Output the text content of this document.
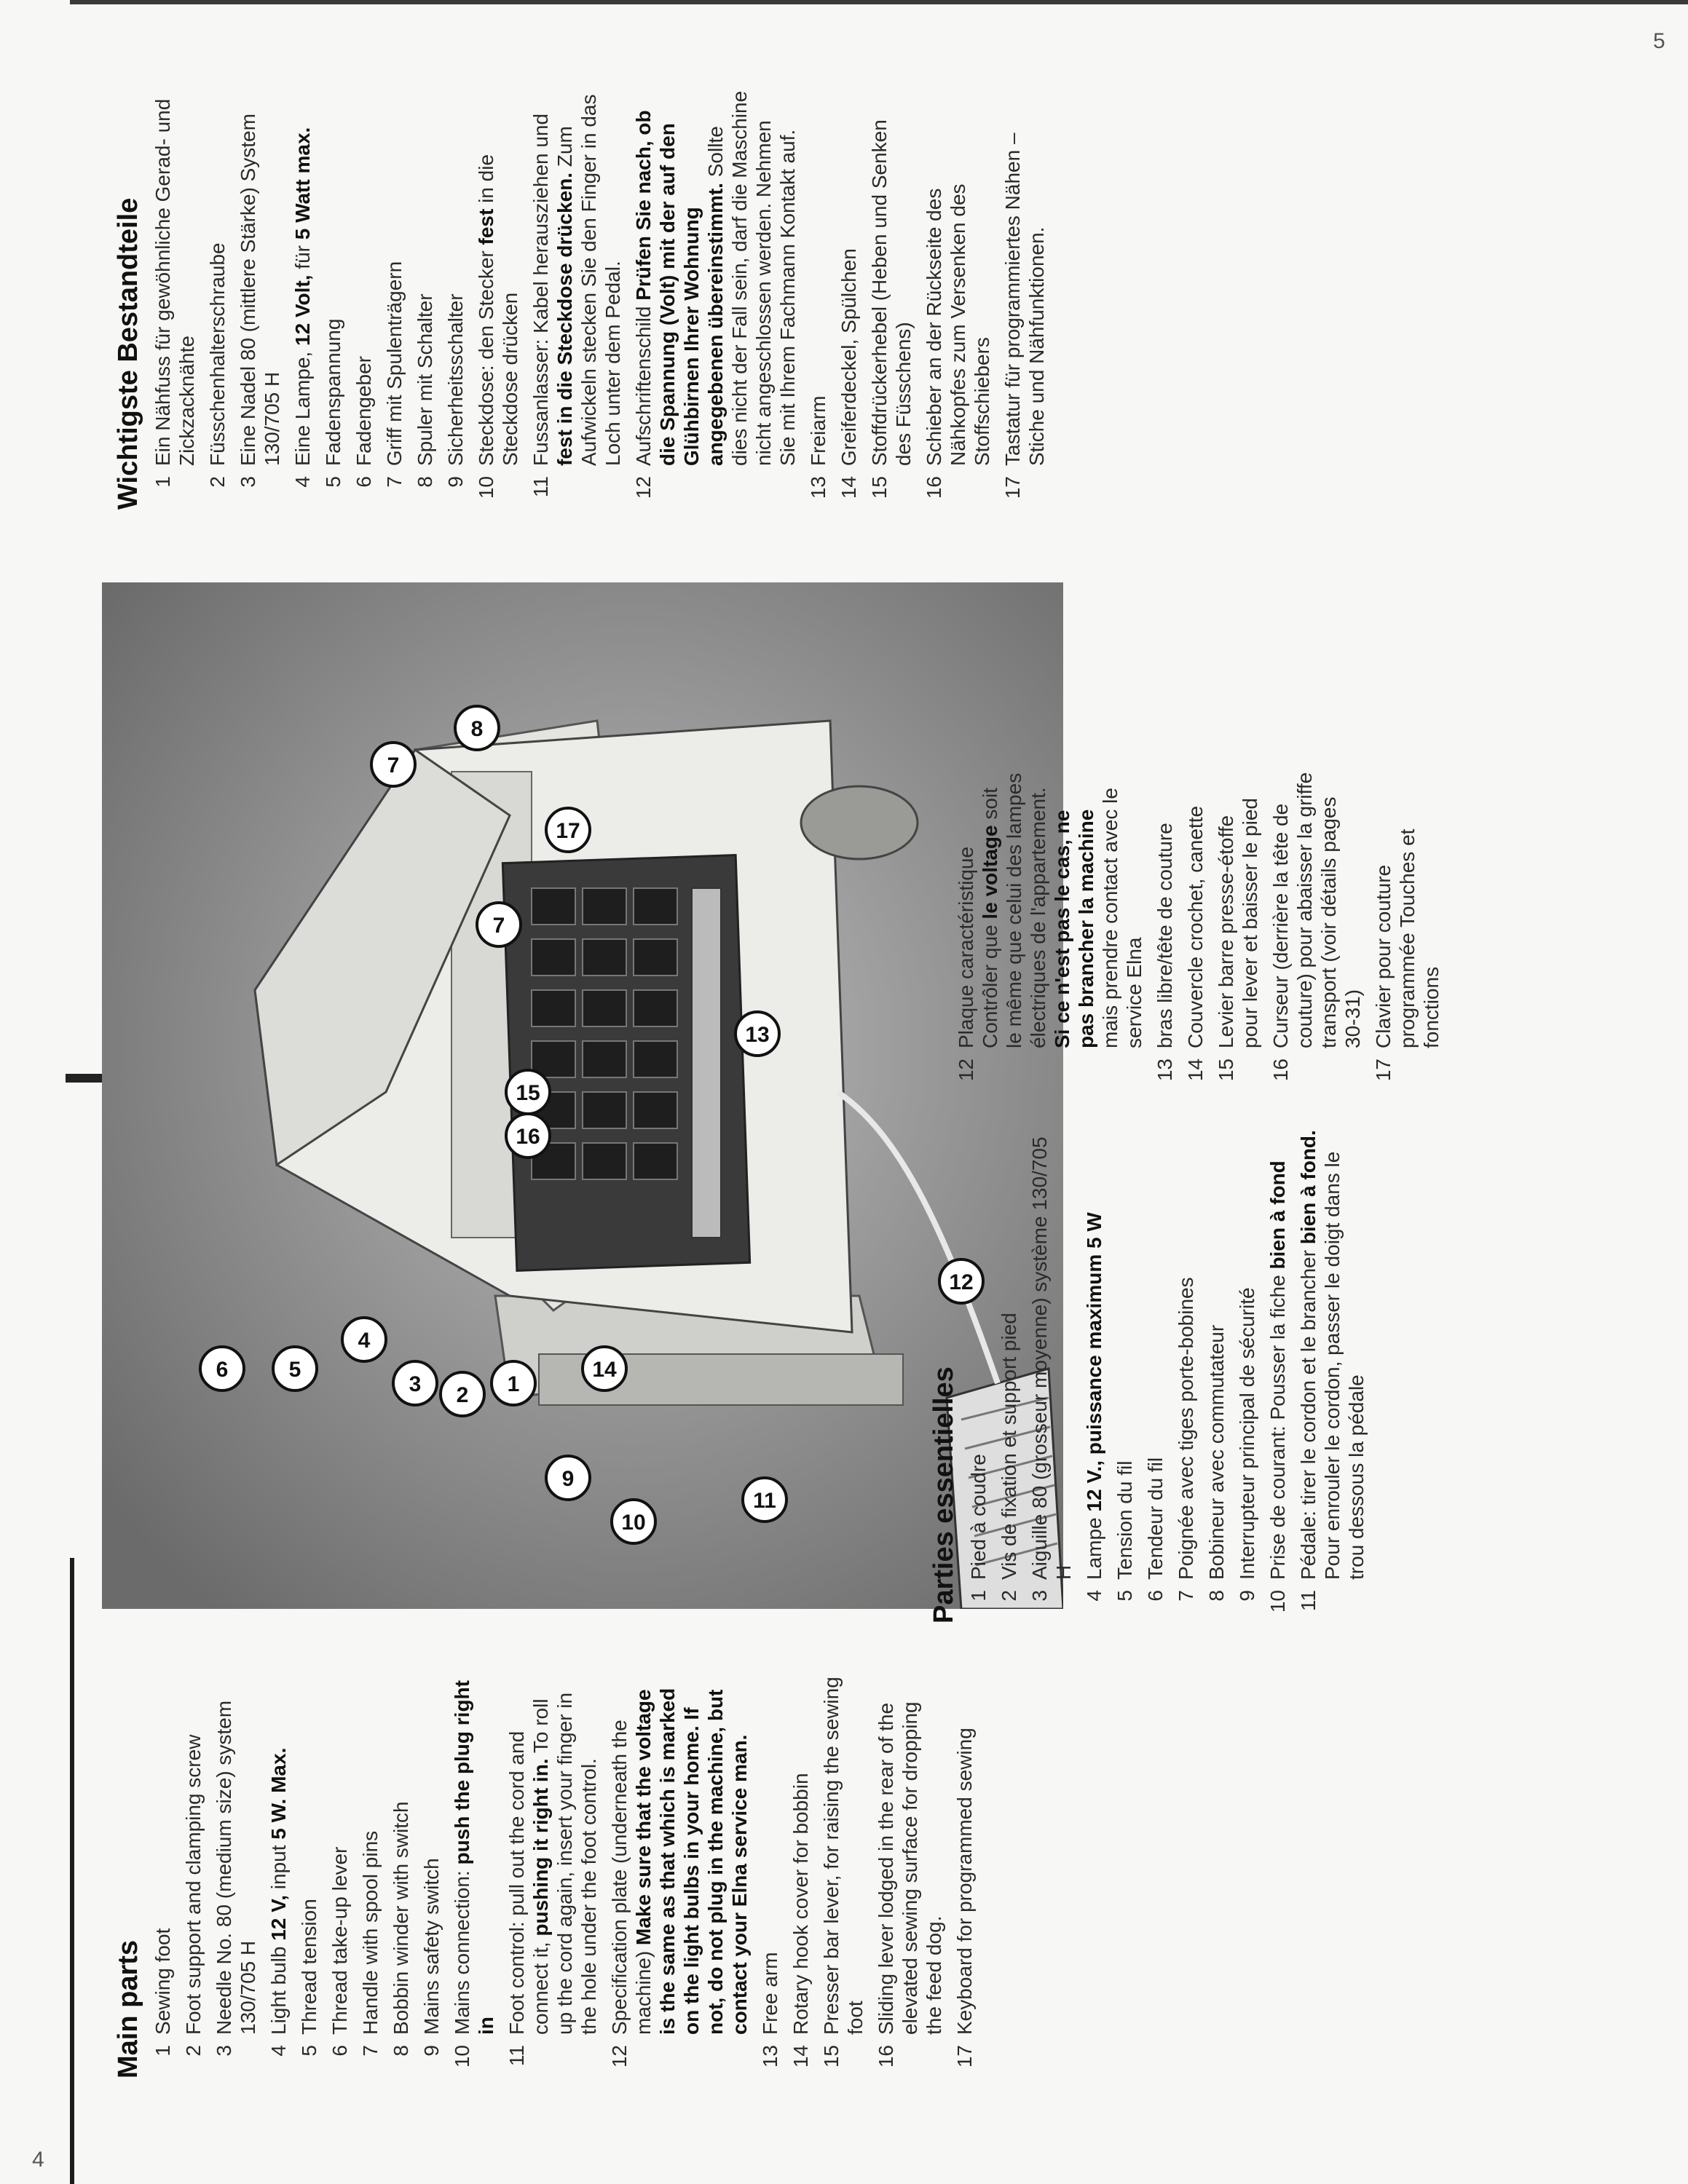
4
5
6	5
4
3 2 1
14
7
8
7
9
10
11
12
13
15
16
17
Main parts 1
Sewing foot
2
Foot support and clamping screw
3
Needle No. 80 (medium size) system 130/705 H
4
Light bulb 12 V, input 5 W. Max.
5
Thread tension
6
Thread take-up lever
7
Handle with spool pins
8
Bobbin winder with switch
9
Mains safety switch
10
Mains connection: push the plug right in
11
Foot control: pull out the cord and connect it, pushing it right in. To roll up the cord again, insert your finger in the hole under the foot control.
12
Specification plate (underneath the machine) Make sure that the voltage is the same as that which is marked on the light bulbs in your home. If not, do not plug in the machine, but contact your Elna service man.
13
Free arm
14
Rotary hook cover for bobbin
15
Presser bar lever, for raising the sewing foot
16
Sliding lever lodged in the rear of the elevated sewing surface for dropping the feed dog.
17
Keyboard for programmed sewing
Parties essentielles 1
Pied à coudre
2
Vis de fixation et support pied
3
Aiguille 80 (grosseur moyenne) système 130/705 H
4
Lampe 12 V., puissance maximum 5 W
5
Tension du fil
6
Tendeur du fil
7
Poignée avec tiges porte-bobines
8
Bobineur avec commutateur
9
Interrupteur principal de sécurité
10
Prise de courant: Pousser la fiche bien à fond
11
Pédale: tirer le cordon et le brancher bien à fond. Pour enrouler le cordon, passer le doigt dans le trou dessous la pédale
12
Plaque caractéristique Contrôler que le voltage soit le même que celui des lampes électriques de l'appartement. Si ce n'est pas le cas, ne pas brancher la machine mais prendre contact avec le service Elna
13
bras libre/tête de couture
14
Couvercle crochet, canette
15
Levier barre presse-étoffe pour lever et baisser le pied
16
Curseur (derrière la tête de couture) pour abaisser la griffe transport (voir détails pages 30-31)
17
Clavier pour couture programmée Touches et fonctions
Wichtigste Bestandteile 1
Ein Nähfuss für gewöhnliche Gerad- und Zickzacknähte
2
Füsschenhalterschraube
3
Eine Nadel 80 (mittlere Stärke) System 130/705 H
4
Eine Lampe, 12 Volt, für 5 Watt max.
5
Fadenspannung
6
Fadengeber
7
Griff mit Spulenträgern
8
Spuler mit Schalter
9
Sicherheitsschalter
10
Steckdose: den Stecker fest in die Steckdose drücken
11
Fussanlasser: Kabel herausziehen und fest in die Steckdose drücken. Zum Aufwickeln stecken Sie den Finger in das Loch unter dem Pedal.
12
Aufschriftenschild Prüfen Sie nach, ob die Spannung (Volt) mit der auf den Glühbirnen Ihrer Wohnung angegebenen übereinstimmt. Sollte dies nicht der Fall sein, darf die Maschine nicht angeschlossen werden. Nehmen Sie mit Ihrem Fachmann Kontakt auf.
13
Freiarm
14
Greiferdeckel, Spülchen
15
Stoffdrückerhebel (Heben und Senken des Füsschens)
16
Schieber an der Rückseite des Nähkopfes zum Versenken des Stoffschiebers
17
Tastatur für programmiertes Nähen – Stiche und Nähfunktionen.
